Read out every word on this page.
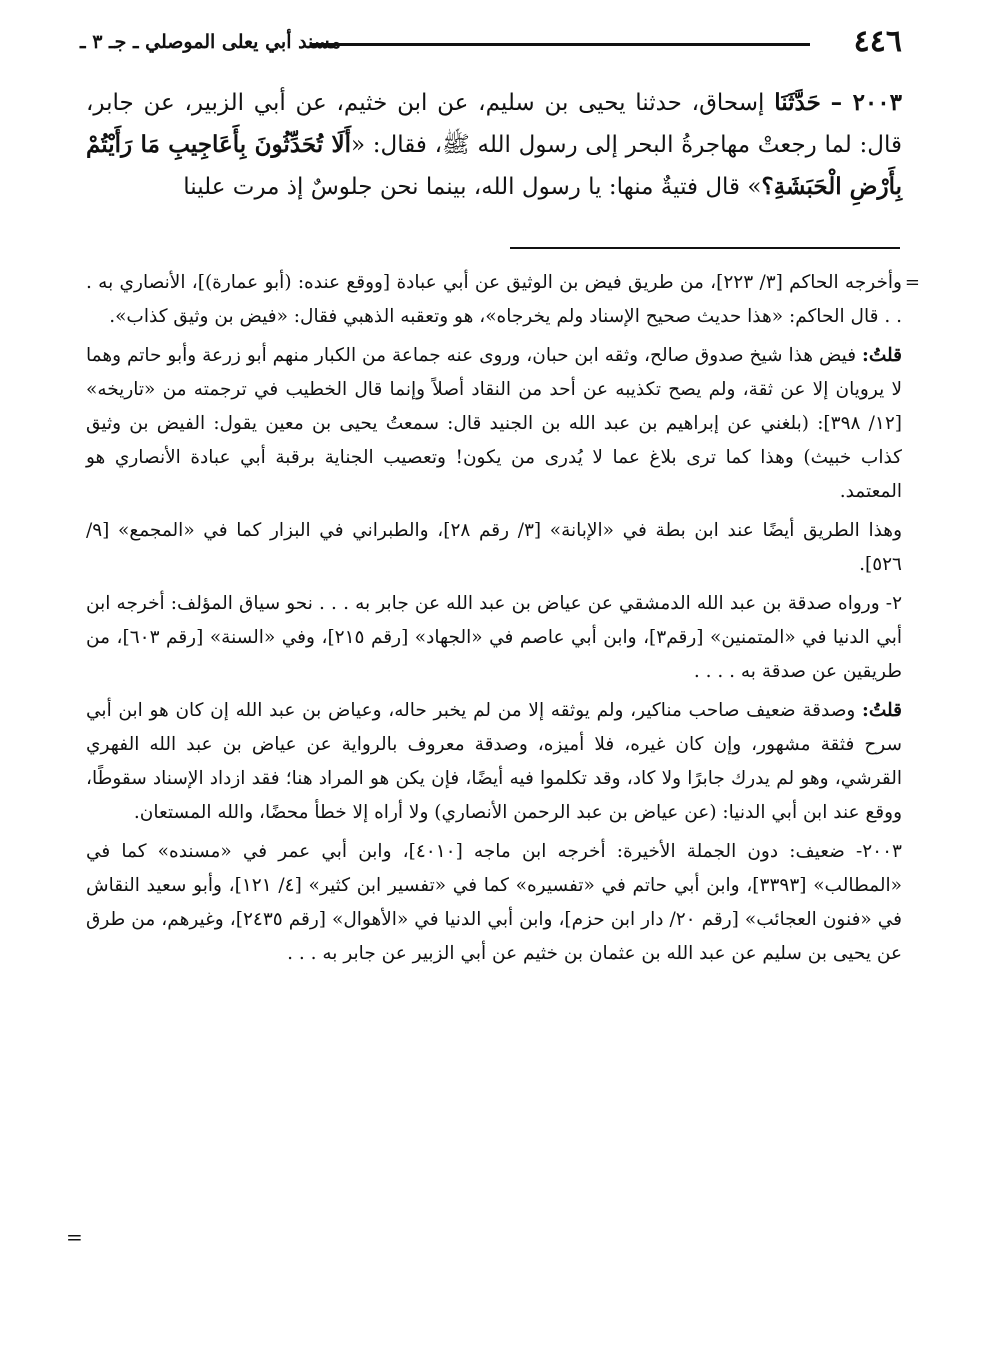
٤٤٦
مسند أبي يعلى الموصلي ـ جـ ٣ ـ

٢٠٠٣ – حَدَّثَنَا إسحاق، حدثنا يحيى بن سليم، عن ابن خثيم، عن أبي الزبير، عن جابر، قال: لما رجعتْ مهاجرةُ البحر إلى رسول الله ﷺ، فقال: «أَلَا تُحَدِّثُونَ بِأَعَاجِيبِ مَا رَأَيْتُمْ بِأَرْضِ الْحَبَشَةِ؟» قال فتيةٌ منها: يا رسول الله، بينما نحن جلوسٌ إذ مرت علينا

=
وأخرجه الحاكم [٣/ ٢٢٣]، من طريق فيض بن الوثيق عن أبي عبادة [ووقع عنده: (أبو عمارة)]، الأنصاري به . . . قال الحاكم: «هذا حديث صحيح الإسناد ولم يخرجاه»، هو وتعقبه الذهبي فقال: «فيض بن وثيق كذاب».

قلتُ: فيض هذا شيخ صدوق صالح، وثقه ابن حبان، وروى عنه جماعة من الكبار منهم أبو زرعة وأبو حاتم وهما لا يرويان إلا عن ثقة، ولم يصح تكذيبه عن أحد من النقاد أصلاً وإنما قال الخطيب في ترجمته من «تاريخه» [١٢/ ٣٩٨]: (بلغني عن إبراهيم بن عبد الله بن الجنيد قال: سمعتُ يحيى بن معين يقول: الفيض بن وثيق كذاب خبيث) وهذا كما ترى بلاغ عما لا يُدرى من يكون! وتعصيب الجناية برقبة أبي عبادة الأنصاري هو المعتمد.

وهذا الطريق أيضًا عند ابن بطة في «الإبانة» [٣/ رقم ٢٨]، والطبراني في البزار كما في «المجمع» [٩/ ٥٢٦].

٢- ورواه صدقة بن عبد الله الدمشقي عن عياض بن عبد الله عن جابر به . . . نحو سياق المؤلف: أخرجه ابن أبي الدنيا في «المتمنين» [رقم٣]، وابن أبي عاصم في «الجهاد» [رقم ٢١٥]، وفي «السنة» [رقم ٦٠٣]، من طريقين عن صدقة به . . . .

قلتُ: وصدقة ضعيف صاحب مناكير، ولم يوثقه إلا من لم يخبر حاله، وعياض بن عبد الله إن كان هو ابن أبي سرح فثقة مشهور، وإن كان غيره، فلا أميزه، وصدقة معروف بالرواية عن عياض بن عبد الله الفهري القرشي، وهو لم يدرك جابرًا ولا كاد، وقد تكلموا فيه أيضًا، فإن يكن هو المراد هنا؛ فقد ازداد الإسناد سقوطًا، ووقع عند ابن أبي الدنيا: (عن عياض بن عبد الرحمن الأنصاري) ولا أراه إلا خطأ محضًا، والله المستعان.

٢٠٠٣- ضعيف: دون الجملة الأخيرة: أخرجه ابن ماجه [٤٠١٠]، وابن أبي عمر في «مسنده» كما في «المطالب» [٣٣٩٣]، وابن أبي حاتم في «تفسيره» كما في «تفسير ابن كثير» [٤/ ١٢١]، وأبو سعيد النقاش في «فنون العجائب» [رقم ٢٠/ دار ابن حزم]، وابن أبي الدنيا في «الأهوال» [رقم ٢٤٣٥]، وغيرهم، من طرق عن يحيى بن سليم عن عبد الله بن عثمان بن خثيم عن أبي الزبير عن جابر به . . .

=
